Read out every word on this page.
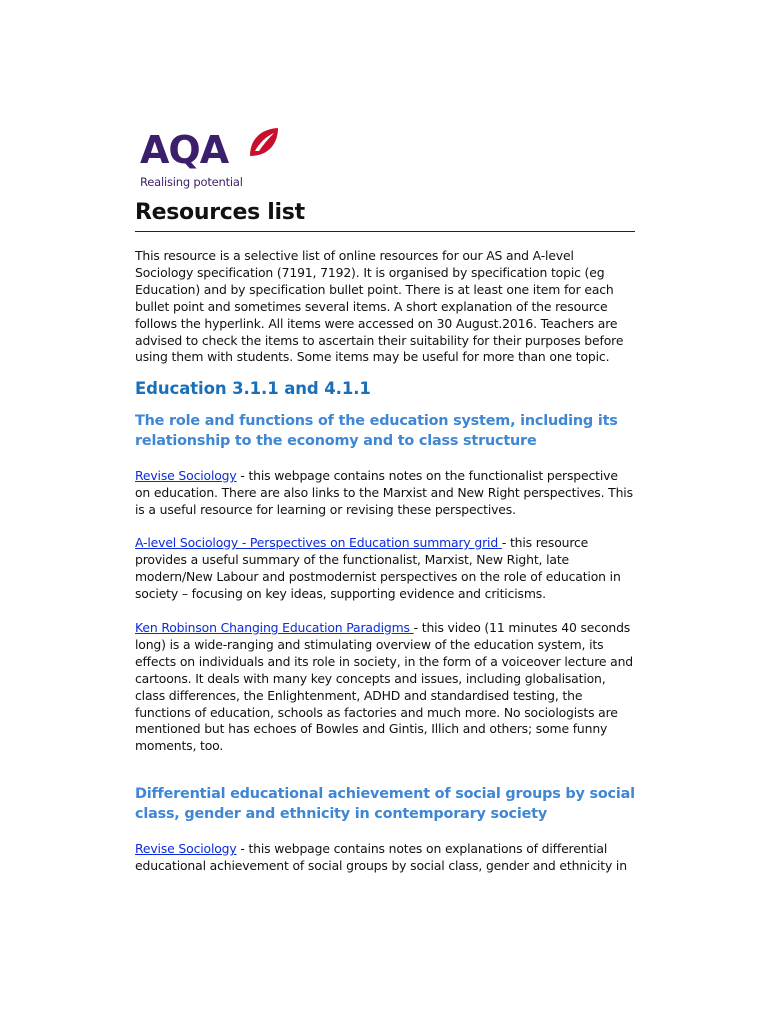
AQA
Realising potential
Resources list

This resource is a selective list of online resources for our AS and A-level Sociology specification (7191, 7192). It is organised by specification topic (eg Education) and by specification bullet point. There is at least one item for each bullet point and sometimes several items. A short explanation of the resource follows the hyperlink. All items were accessed on 30 August.2016. Teachers are advised to check the items to ascertain their suitability for their purposes before using them with students. Some items may be useful for more than one topic.

Education 3.1.1 and 4.1.1
The role and functions of the education system, including its relationship to the economy and to class structure

Revise Sociology - this webpage contains notes on the functionalist perspective on education. There are also links to the Marxist and New Right perspectives. This is a useful resource for learning or revising these perspectives.

A-level Sociology - Perspectives on Education summary grid - this resource provides a useful summary of the functionalist, Marxist, New Right, late modern/New Labour and postmodernist perspectives on the role of education in society – focusing on key ideas, supporting evidence and criticisms.

Ken Robinson Changing Education Paradigms - this video (11 minutes 40 seconds long) is a wide-ranging and stimulating overview of the education system, its effects on individuals and its role in society, in the form of a voiceover lecture and cartoons. It deals with many key concepts and issues, including globalisation, class differences, the Enlightenment, ADHD and standardised testing, the functions of education, schools as factories and much more. No sociologists are mentioned but has echoes of Bowles and Gintis, Illich and others; some funny moments, too.

Differential educational achievement of social groups by social class, gender and ethnicity in contemporary society

Revise Sociology - this webpage contains notes on explanations of differential educational achievement of social groups by social class, gender and ethnicity in
